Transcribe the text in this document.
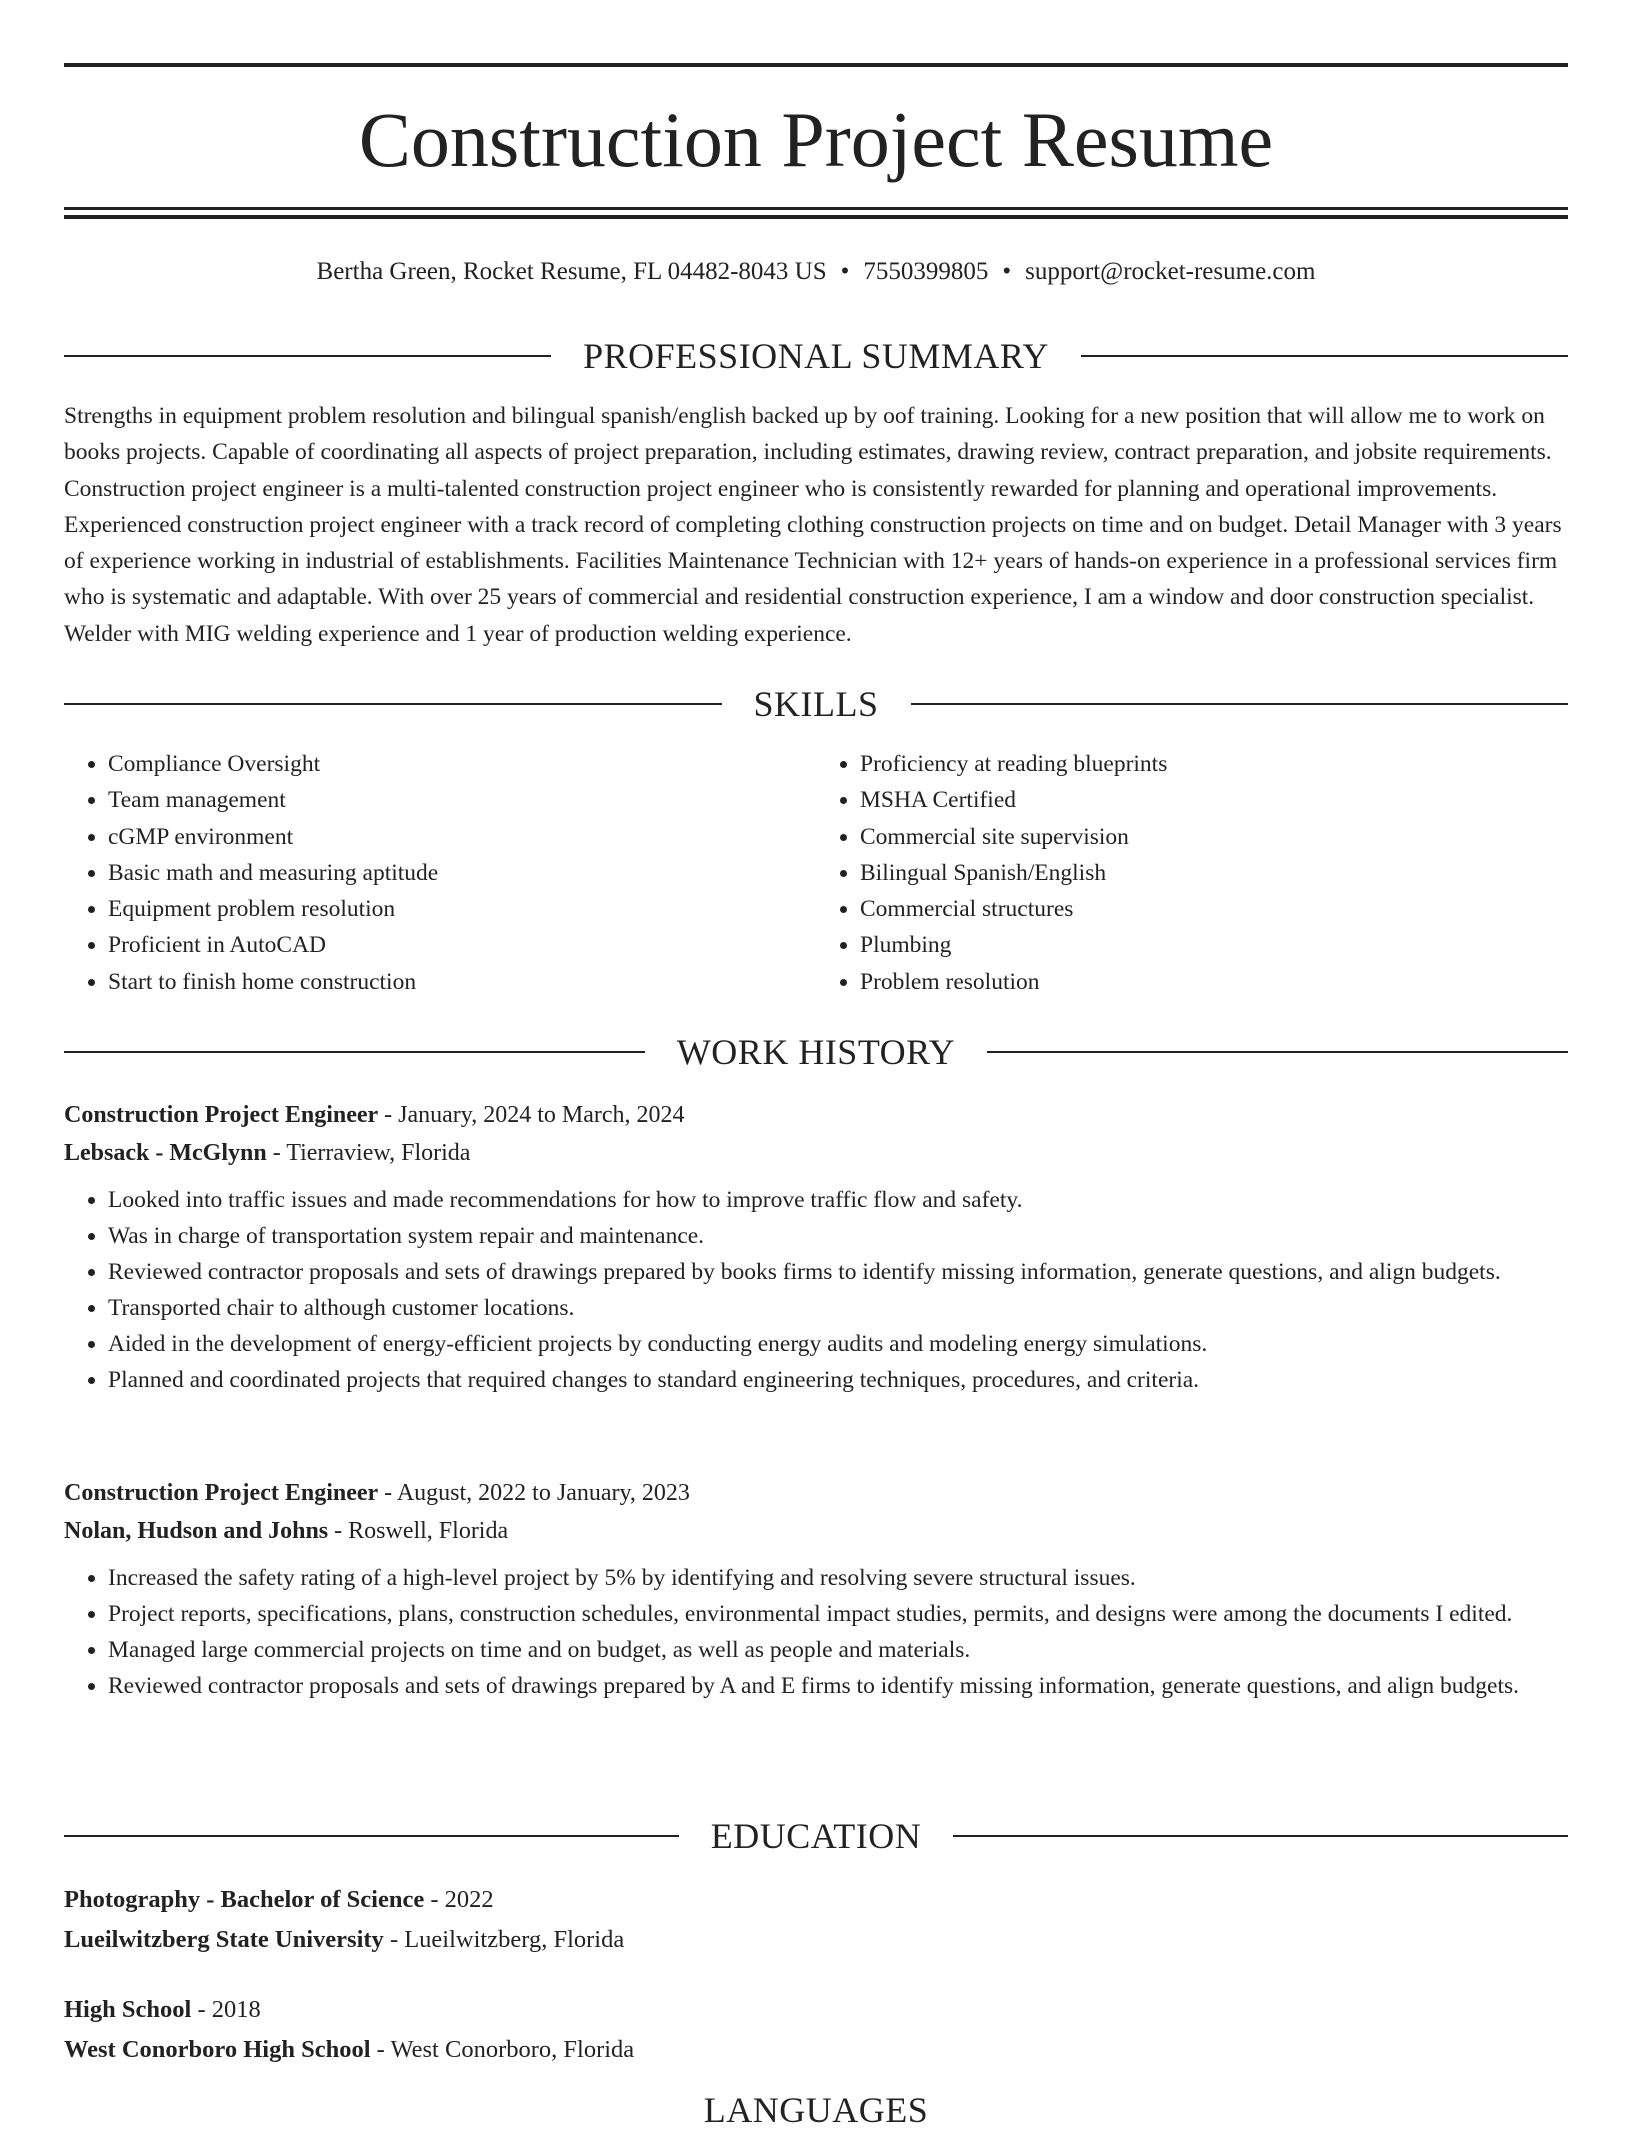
Construction Project Resume
Bertha Green, Rocket Resume, FL 04482-8043 US • 7550399805 • support@rocket-resume.com
PROFESSIONAL SUMMARY

Strengths in equipment problem resolution and bilingual spanish/english backed up by oof training. Looking for a new position that will allow me to work on books projects. Capable of coordinating all aspects of project preparation, including estimates, drawing review, contract preparation, and jobsite requirements. Construction project engineer is a multi-talented construction project engineer who is consistently rewarded for planning and operational improvements. Experienced construction project engineer with a track record of completing clothing construction projects on time and on budget. Detail Manager with 3 years of experience working in industrial of establishments. Facilities Maintenance Technician with 12+ years of hands-on experience in a professional services firm who is systematic and adaptable. With over 25 years of commercial and residential construction experience, I am a window and door construction specialist. Welder with MIG welding experience and 1 year of production welding experience.

SKILLS
• Compliance Oversight
• Team management
• cGMP environment
• Basic math and measuring aptitude
• Equipment problem resolution
• Proficient in AutoCAD
• Start to finish home construction
• Proficiency at reading blueprints
• MSHA Certified
• Commercial site supervision
• Bilingual Spanish/English
• Commercial structures
• Plumbing
• Problem resolution
WORK HISTORY
Construction Project Engineer - January, 2024 to March, 2024
Lebsack - McGlynn - Tierraview, Florida
• Looked into traffic issues and made recommendations for how to improve traffic flow and safety.
• Was in charge of transportation system repair and maintenance.
• Reviewed contractor proposals and sets of drawings prepared by books firms to identify missing information, generate questions, and align budgets.
• Transported chair to although customer locations.
• Aided in the development of energy-efficient projects by conducting energy audits and modeling energy simulations.
• Planned and coordinated projects that required changes to standard engineering techniques, procedures, and criteria.
Construction Project Engineer - August, 2022 to January, 2023
Nolan, Hudson and Johns - Roswell, Florida
• Increased the safety rating of a high-level project by 5% by identifying and resolving severe structural issues.
• Project reports, specifications, plans, construction schedules, environmental impact studies, permits, and designs were among the documents I edited.
• Managed large commercial projects on time and on budget, as well as people and materials.
• Reviewed contractor proposals and sets of drawings prepared by A and E firms to identify missing information, generate questions, and align budgets.
EDUCATION
Photography - Bachelor of Science - 2022
Lueilwitzberg State University - Lueilwitzberg, Florida
High School - 2018
West Conorboro High School - West Conorboro, Florida
LANGUAGES
